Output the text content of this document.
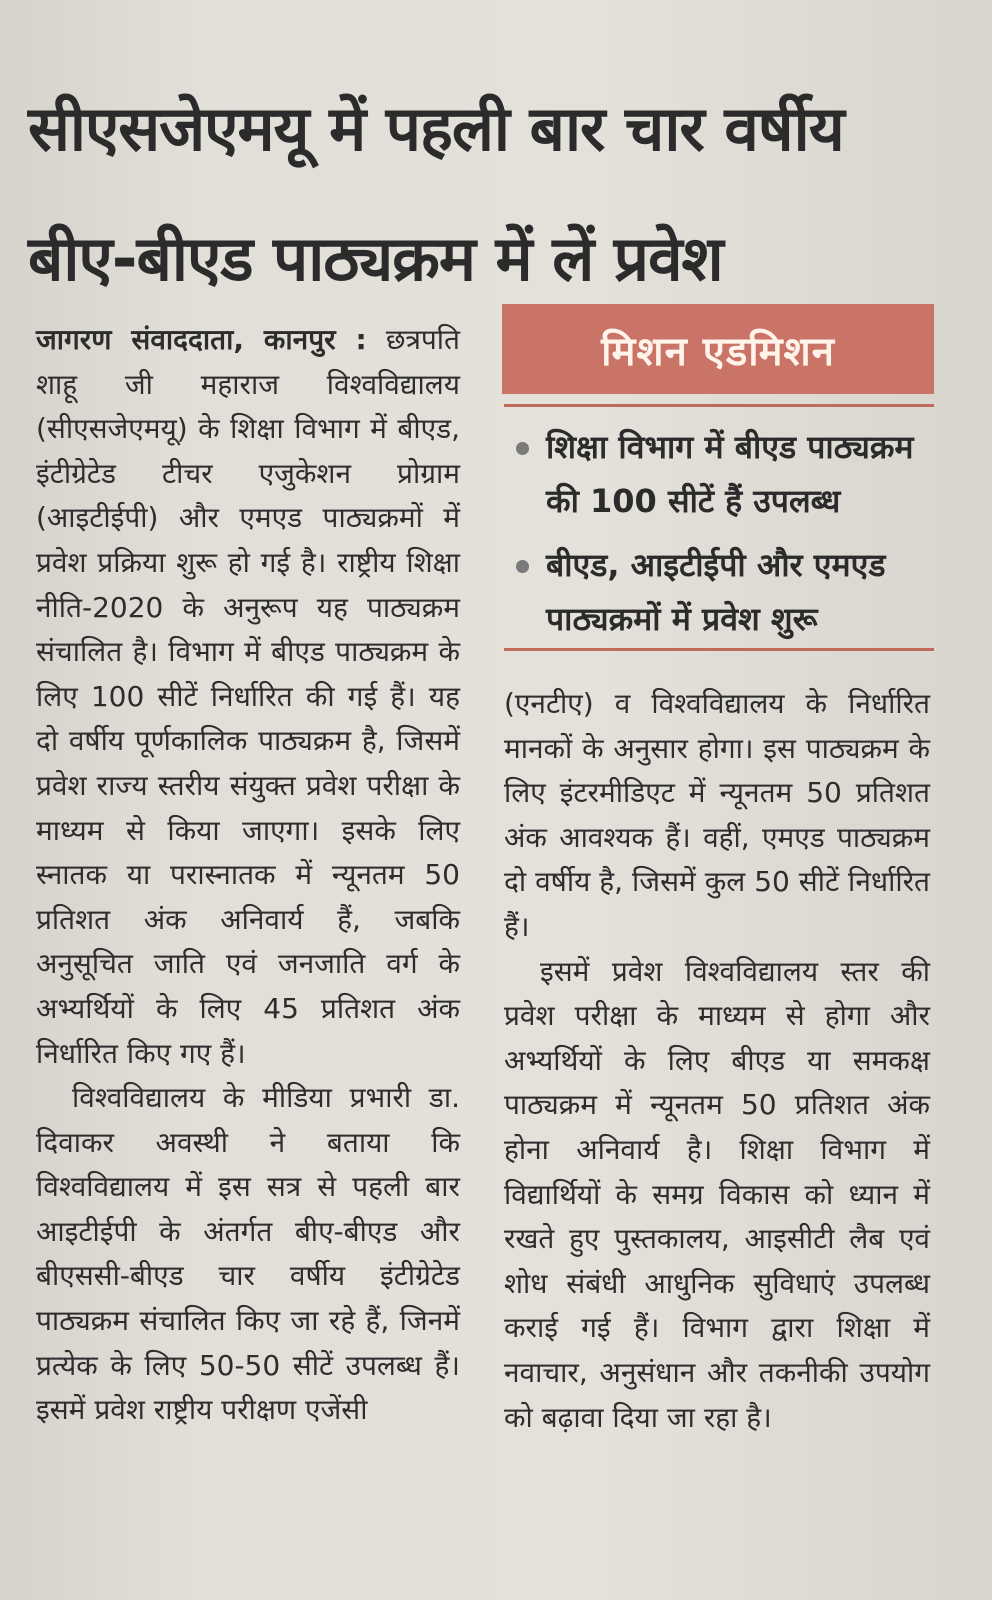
सीएसजेएमयू में पहली बार चार वर्षीय
बीए-बीएड पाठ्यक्रम में लें प्रवेश

जागरण संवाददाता, कानपुर : छत्रपति शाहू जी महाराज विश्वविद्यालय (सीएसजेएमयू) के शिक्षा विभाग में बीएड, इंटीग्रेटेड टीचर एजुकेशन प्रोग्राम (आइटीईपी) और एमएड पाठ्यक्रमों में प्रवेश प्रक्रिया शुरू हो गई है। राष्ट्रीय शिक्षा नीति-2020 के अनुरूप यह पाठ्यक्रम संचालित है। विभाग में बीएड पाठ्यक्रम के लिए 100 सीटें निर्धारित की गई हैं। यह दो वर्षीय पूर्णकालिक पाठ्यक्रम है, जिसमें प्रवेश राज्य स्तरीय संयुक्त प्रवेश परीक्षा के माध्यम से किया जाएगा। इसके लिए स्नातक या परास्नातक में न्यूनतम 50 प्रतिशत अंक अनिवार्य हैं, जबकि अनुसूचित जाति एवं जनजाति वर्ग के अभ्यर्थियों के लिए 45 प्रतिशत अंक निर्धारित किए गए हैं।

विश्वविद्यालय के मीडिया प्रभारी डा. दिवाकर अवस्थी ने बताया कि विश्वविद्यालय में इस सत्र से पहली बार आइटीईपी के अंतर्गत बीए-बीएड और बीएससी-बीएड चार वर्षीय इंटीग्रेटेड पाठ्यक्रम संचालित किए जा रहे हैं, जिनमें प्रत्येक के लिए 50-50 सीटें उपलब्ध हैं। इसमें प्रवेश राष्ट्रीय परीक्षण एजेंसी

मिशन एडमिशन
शिक्षा विभाग में बीएड पाठ्यक्रम की 100 सीटें हैं उपलब्ध
बीएड, आइटीईपी और एमएड पाठ्यक्रमों में प्रवेश शुरू

(एनटीए) व विश्वविद्यालय के निर्धारित मानकों के अनुसार होगा। इस पाठ्यक्रम के लिए इंटरमीडिएट में न्यूनतम 50 प्रतिशत अंक आवश्यक हैं। वहीं, एमएड पाठ्यक्रम दो वर्षीय है, जिसमें कुल 50 सीटें निर्धारित हैं।

इसमें प्रवेश विश्वविद्यालय स्तर की प्रवेश परीक्षा के माध्यम से होगा और अभ्यर्थियों के लिए बीएड या समकक्ष पाठ्यक्रम में न्यूनतम 50 प्रतिशत अंक होना अनिवार्य है। शिक्षा विभाग में विद्यार्थियों के समग्र विकास को ध्यान में रखते हुए पुस्तकालय, आइसीटी लैब एवं शोध संबंधी आधुनिक सुविधाएं उपलब्ध कराई गई हैं। विभाग द्वारा शिक्षा में नवाचार, अनुसंधान और तकनीकी उपयोग को बढ़ावा दिया जा रहा है।
